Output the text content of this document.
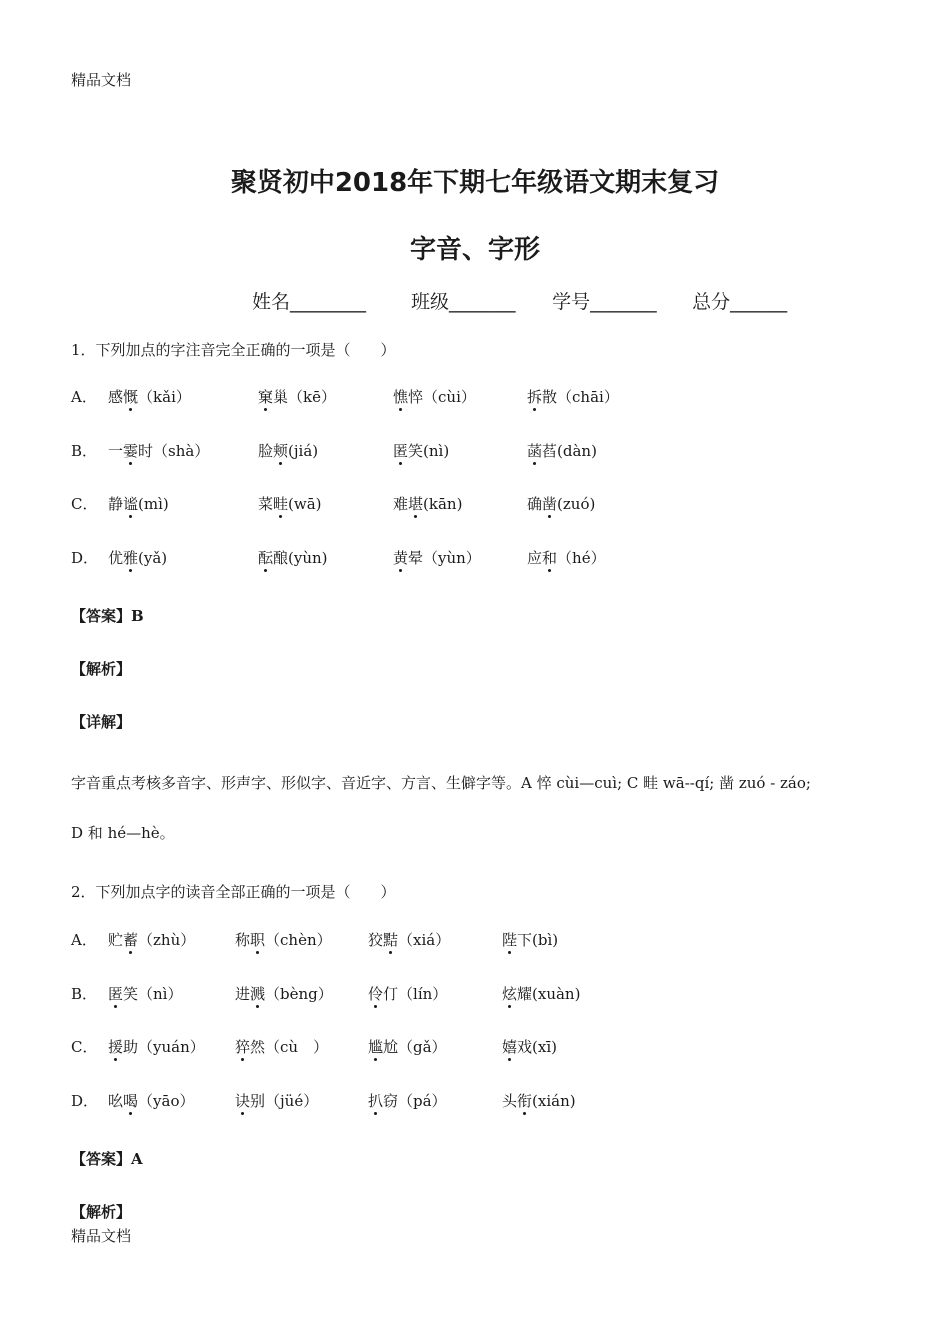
精品文档
聚贤初中2018年下期七年级语文期末复习
字音、字形
姓名________ 班级_______ 学号_______ 总分______
1．下列加点的字注音完全正确的一项是（　　）
A． 感慨（kǎi）	窠巢（kē）	憔悴（cùi）	拆散（chāi）
B． 一霎时（shà）	脸颊(jiá)	匿笑(nì)	菡萏(dàn)
C． 静谧(mì)	菜畦(wā)	难堪(kān)	确凿(zuó)
D． 优雅(yǎ)	酝酿(yùn)	黄晕（yùn）	应和（hé）
【答案】B
【解析】
【详解】
字音重点考核多音字、形声字、形似字、音近字、方言、生僻字等。A 悴 cùi—cuì; C 畦 wā--qí; 凿 zuó - záo;
D 和 hé—hè。
2．下列加点字的读音全部正确的一项是（　　）
A． 贮蓄（zhù）	称职（chèn） 狡黠（xiá）	陛下(bì)
B． 匿笑（nì）	进溅（bèng） 伶仃（lín）	炫耀(xuàn)
C． 援助（yuán） 猝然（cù　）	尴尬（gǎ）	嬉戏(xī)
D． 吆喝（yāo）	诀别（jüé）	扒窃（pá）	头衔(xián)
【答案】A
【解析】
精品文档
